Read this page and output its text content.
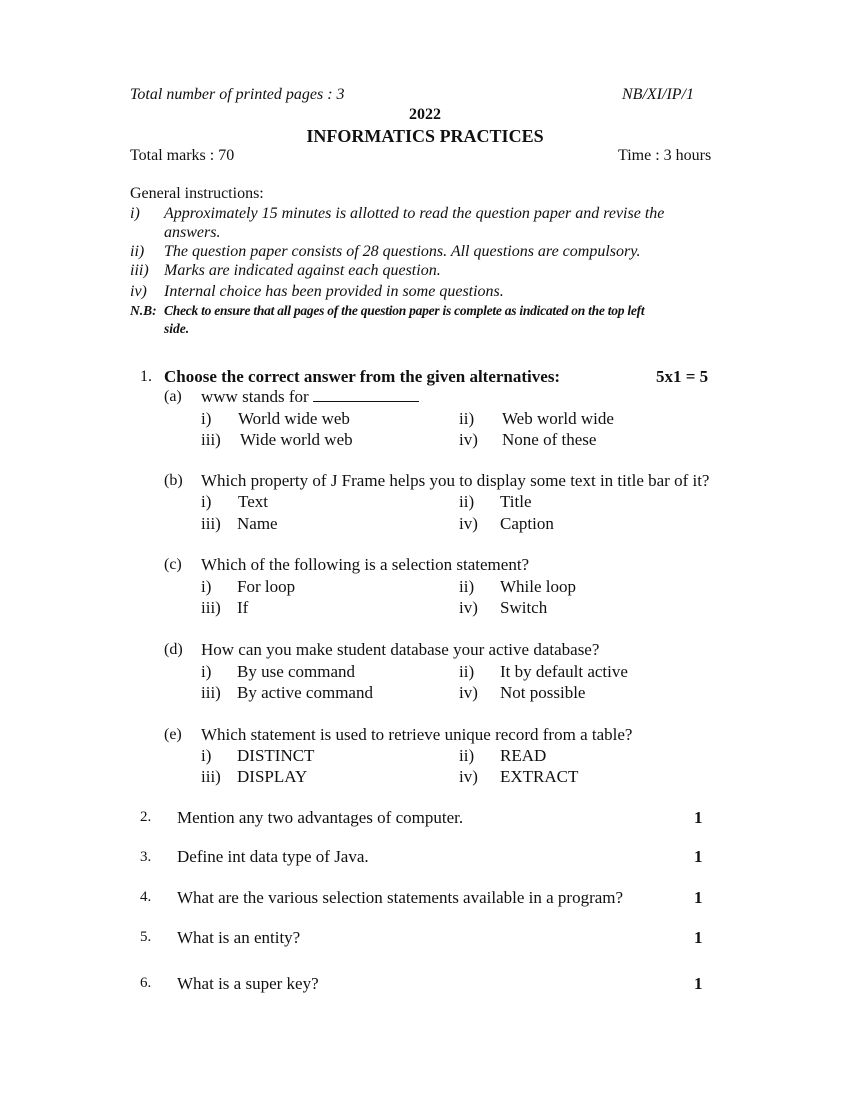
Total number of printed pages : 3	NB/XI/IP/1
2022
INFORMATICS PRACTICES
Total marks : 70	Time : 3 hours
General instructions:
i) Approximately 15 minutes is allotted to read the question paper and revise the
answers.
ii) The question paper consists of 28 questions. All questions are compulsory.
iii) Marks are indicated against each question.
iv) Internal choice has been provided in some questions.
N.B: Check to ensure that all pages of the question paper is complete as indicated on the top left
side.
1. Choose the correct answer from the given alternatives:	5x1 = 5
(a) www stands for
i) World wide web	ii) Web world wide
iii) Wide world web	iv) None of these
(b) Which property of J Frame helps you to display some text in title bar of it?
i) Text	ii) Title
iii) Name	iv) Caption
(c) Which of the following is a selection statement?
i) For loop	ii) While loop
iii) If	iv) Switch
(d) How can you make student database your active database?
i) By use command	ii) It by default active
iii) By active command	iv) Not possible
(e) Which statement is used to retrieve unique record from a table?
i) DISTINCT	ii) READ
iii) DISPLAY	iv) EXTRACT
2. Mention any two advantages of computer.	1
3. Define int data type of Java.	1
4. What are the various selection statements available in a program?	1
5. What is an entity?	1
6. What is a super key?	1
